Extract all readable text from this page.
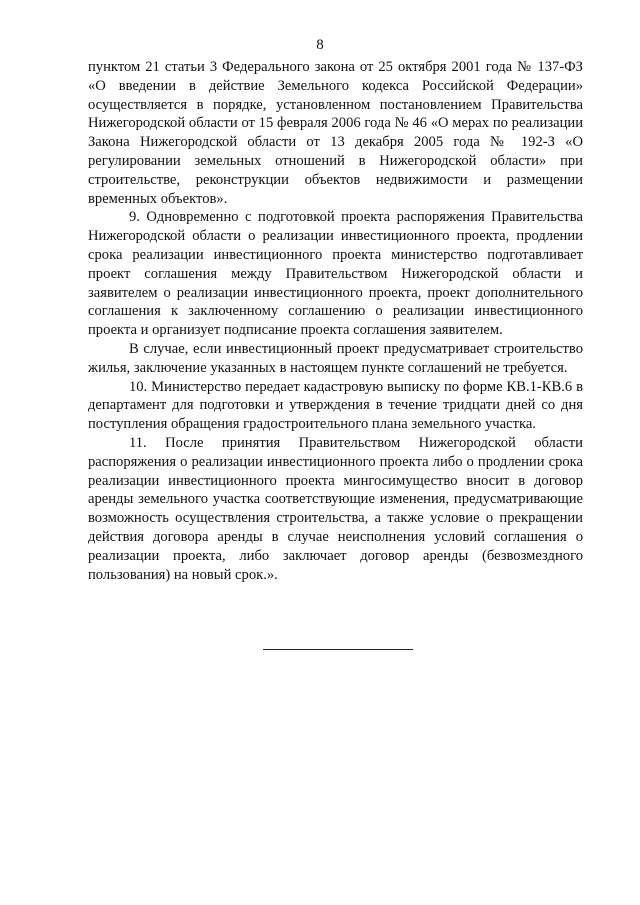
8

пунктом 21 статьи 3 Федерального закона от 25 октября 2001 года № 137-ФЗ «О введении в действие Земельного кодекса Российской Федерации» осуществляется в порядке, установленном постановлением Правительства Нижегородской области от 15 февраля 2006 года № 46 «О мерах по реализации Закона Нижегородской области от 13 декабря 2005 года № 192-З «О регулировании земельных отношений в Нижегородской области» при строительстве, реконструкции объектов недвижимости и размещении временных объектов».

9. Одновременно с подготовкой проекта распоряжения Правительства Нижегородской области о реализации инвестиционного проекта, продлении срока реализации инвестиционного проекта министерство подготавливает проект соглашения между Правительством Нижегородской области и заявителем о реализации инвестиционного проекта, проект дополнительного соглашения к заключенному соглашению о реализации инвестиционного проекта и организует подписание проекта соглашения заявителем.

В случае, если инвестиционный проект предусматривает строительство жилья, заключение указанных в настоящем пункте соглашений не требуется.

10. Министерство передает кадастровую выписку по форме КВ.1-КВ.6 в департамент для подготовки и утверждения в течение тридцати дней со дня поступления обращения градостроительного плана земельного участка.

11. После принятия Правительством Нижегородской области распоряжения о реализации инвестиционного проекта либо о продлении срока реализации инвестиционного проекта мингосимущество вносит в договор аренды земельного участка соответствующие изменения, предусматривающие возможность осуществления строительства, а также условие о прекращении действия договора аренды в случае неисполнения условий соглашения о реализации проекта, либо заключает договор аренды (безвозмездного пользования) на новый срок.».
